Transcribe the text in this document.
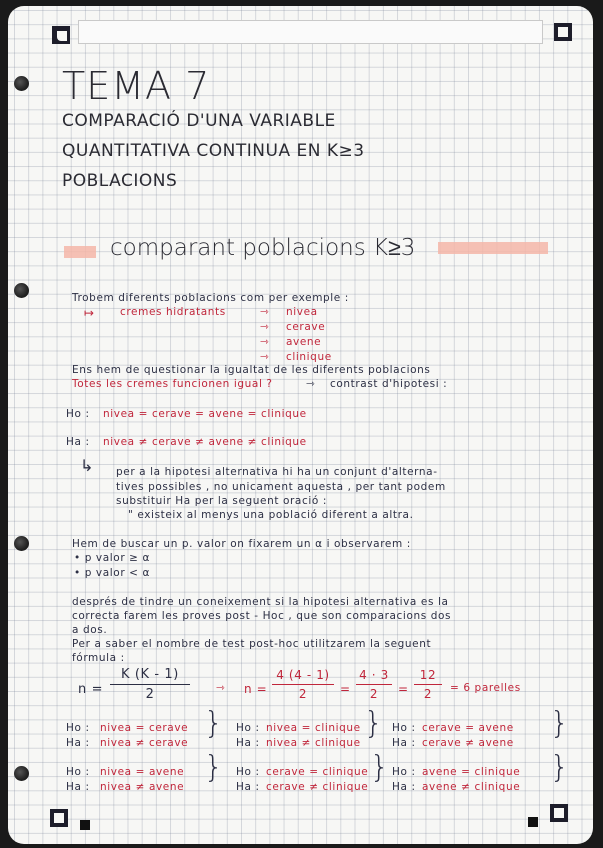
TEMA 7
COMPARACIÓ D'UNA VARIABLE
QUANTITATIVA CONTINUA EN K≥3
POBLACIONS
comparant poblacions K≥3
Trobem diferents poblacions com per exemple :
↦ cremes hidratants	⇾ nivea
⇾ cerave
⇾ avene
⇾ clinique
Ens hem de questionar la igualtat de les diferents poblacions
Totes les cremes funcionen igual ?	⇾ contrast d'hipotesi :
Ho : nivea = cerave = avene = clinique
Ha : nivea ≠ cerave ≠ avene ≠ clinique
↳ per a la hipotesi alternativa hi ha un conjunt d'alterna-
tives possibles , no unicament aquesta , per tant podem
substituir Ha per la seguent oració :
" existeix al menys una població diferent a altra.
Hem de buscar un p. valor on fixarem un α i observarem :
• p valor ≥ α
• p valor < α
després de tindre un coneixement si la hipotesi alternativa es la
correcta farem les proves post - Hoc , que son comparacions dos
a dos.
Per a saber el nombre de test post-hoc utilitzarem la seguent
fórmula :
n =
K (K - 1)
2	⇾ n =
4 (4 - 1)
2	=
4 · 3
2	=
12
2	= 6 parelles
Ho : nivea = cerave
Ha : nivea ≠ cerave
} Ho : nivea = clinique
Ha : nivea ≠ clinique
} Ho : cerave = avene
Ha : cerave ≠ avene
}
Ho : nivea = avene
Ha : nivea ≠ avene
} Ho : cerave = clinique
Ha : cerave ≠ clinique
} Ho : avene = clinique
Ha : avene ≠ clinique
}
